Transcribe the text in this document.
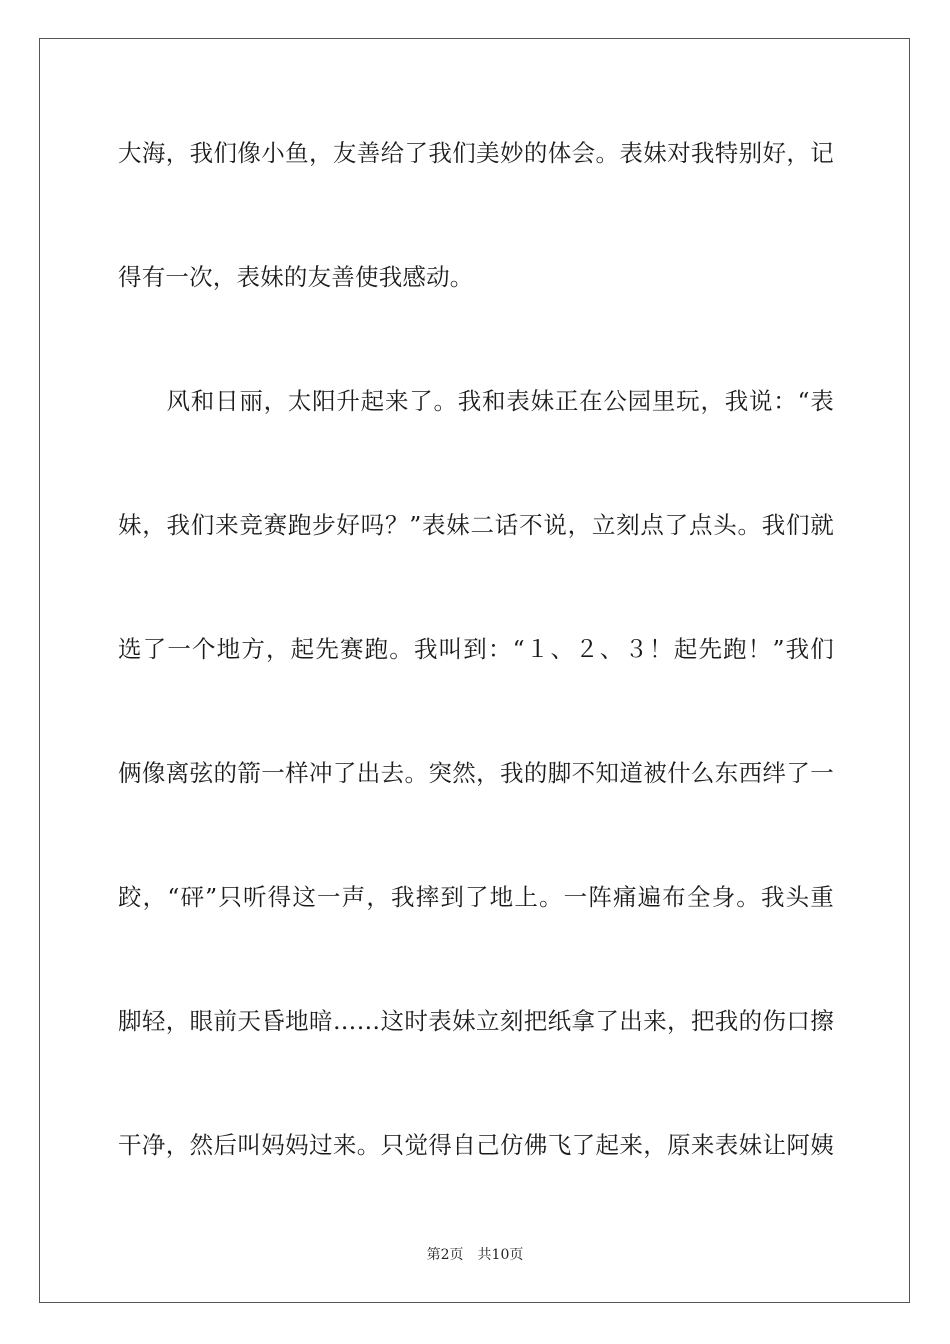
大海，我们像小鱼，友善给了我们美妙的体会。表妹对我特别好，记
得有一次，表妹的友善使我感动。
　　风和日丽，太阳升起来了。我和表妹正在公园里玩，我说：“表
妹，我们来竞赛跑步好吗？”表妹二话不说，立刻点了点头。我们就
选了一个地方，起先赛跑。我叫到：“１、２、３！起先跑！”我们
俩像离弦的箭一样冲了出去。突然，我的脚不知道被什么东西绊了一
跤，“砰”只听得这一声，我摔到了地上。一阵痛遍布全身。我头重
脚轻，眼前天昏地暗……这时表妹立刻把纸拿了出来，把我的伤口擦
干净，然后叫妈妈过来。只觉得自己仿佛飞了起来，原来表妹让阿姨
第2页　共10页
